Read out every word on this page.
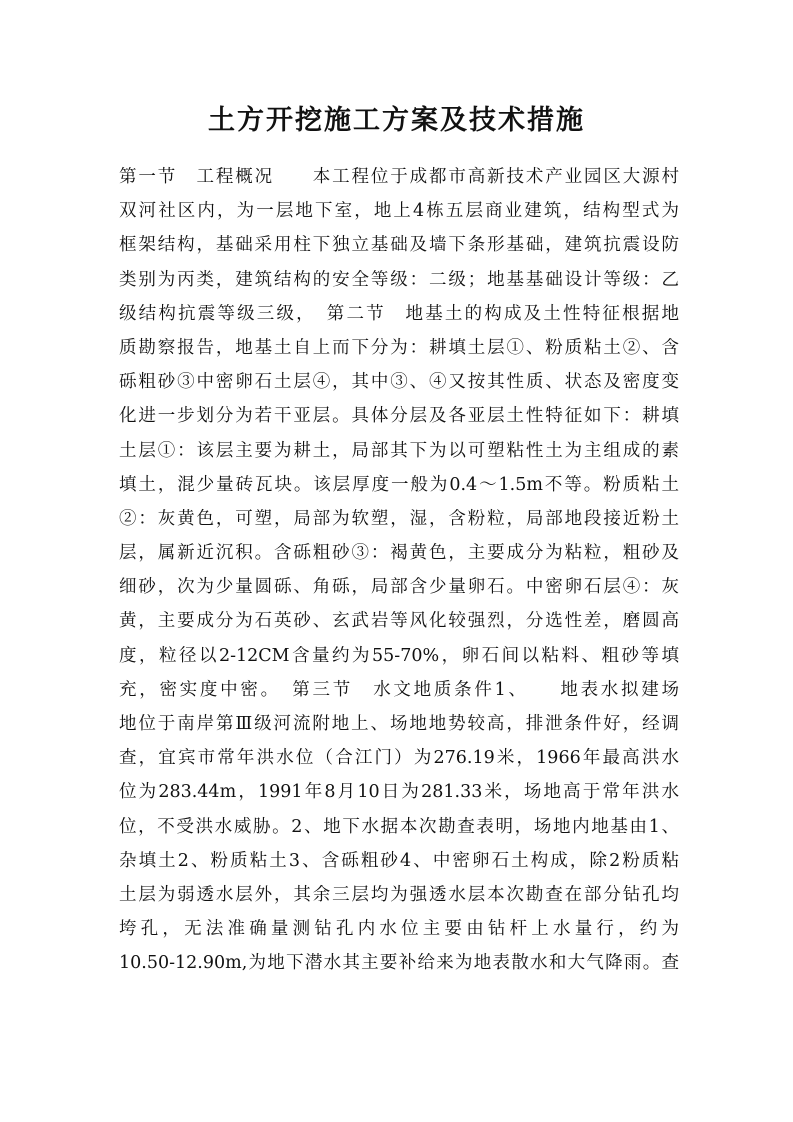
土方开挖施工方案及技术措施
第一节　工程概况　　本工程位于成都市高新技术产业园区大源村
双河社区内，为一层地下室，地上4栋五层商业建筑，结构型式为
框架结构，基础采用柱下独立基础及墙下条形基础，建筑抗震设防
类别为丙类，建筑结构的安全等级：二级；地基基础设计等级：乙
级结构抗震等级三级，　第二节　地基土的构成及土性特征根据地
质勘察报告，地基土自上而下分为：耕填土层①、粉质粘土②、含
砾粗砂③中密卵石土层④，其中③、④又按其性质、状态及密度变
化进一步划分为若干亚层。具体分层及各亚层土性特征如下：耕填
土层①：该层主要为耕土，局部其下为以可塑粘性土为主组成的素
填土，混少量砖瓦块。该层厚度一般为0.4～1.5m不等。粉质粘土
②：灰黄色，可塑，局部为软塑，湿，含粉粒，局部地段接近粉土
层，属新近沉积。含砾粗砂③：褐黄色，主要成分为粘粒，粗砂及
细砂，次为少量圆砾、角砾，局部含少量卵石。中密卵石层④：灰
黄，主要成分为石英砂、玄武岩等风化较强烈，分选性差，磨圆高
度，粒径以2-12CM含量约为55-70%，卵石间以粘料、粗砂等填
充，密实度中密。　第三节　水文地质条件1、　　地表水拟建场
地位于南岸第Ⅲ级河流附地上、场地地势较高，排泄条件好，经调
查，宜宾市常年洪水位（合江门）为276.19米，1966年最高洪水
位为283.44m，1991年8月10日为281.33米，场地高于常年洪水
位，不受洪水威胁。2、地下水据本次勘查表明，场地内地基由1、
杂填土2、粉质粘土3、含砾粗砂4、中密卵石土构成，除2粉质粘
土层为弱透水层外，其余三层均为强透水层本次勘查在部分钻孔均
垮孔，无法准确量测钻孔内水位主要由钻杆上水量行，约为
10.50-12.90m,为地下潜水其主要补给来为地表散水和大气降雨。查
